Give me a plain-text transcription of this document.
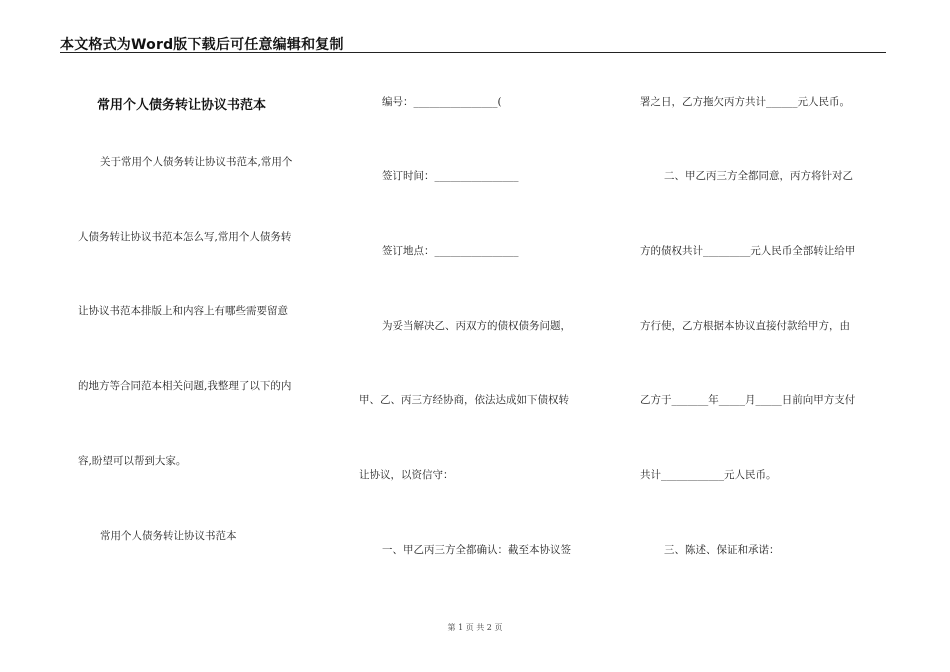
本文格式为Word版下载后可任意编辑和复制
常用个人债务转让协议书范本
关于常用个人债务转让协议书范本,常用个
人债务转让协议书范本怎么写,常用个人债务转
让协议书范本排版上和内容上有哪些需要留意
的地方等合同范本相关问题,我整理了以下的内
容,盼望可以帮到大家。
常用个人债务转让协议书范本
编号：________________(
签订时间：________________
签订地点：________________
为妥当解决乙、丙双方的债权债务问题，
甲、乙、丙三方经协商，依法达成如下债权转
让协议，以资信守：
一、甲乙丙三方全都确认：截至本协议签
署之日，乙方拖欠丙方共计______元人民币。
二、甲乙丙三方全都同意，丙方将针对乙
方的债权共计_________元人民币全部转让给甲
方行使，乙方根据本协议直接付款给甲方，由
乙方于_______年_____月_____日前向甲方支付
共计____________元人民币。
三、陈述、保证和承诺：
第 1 页 共 2 页
